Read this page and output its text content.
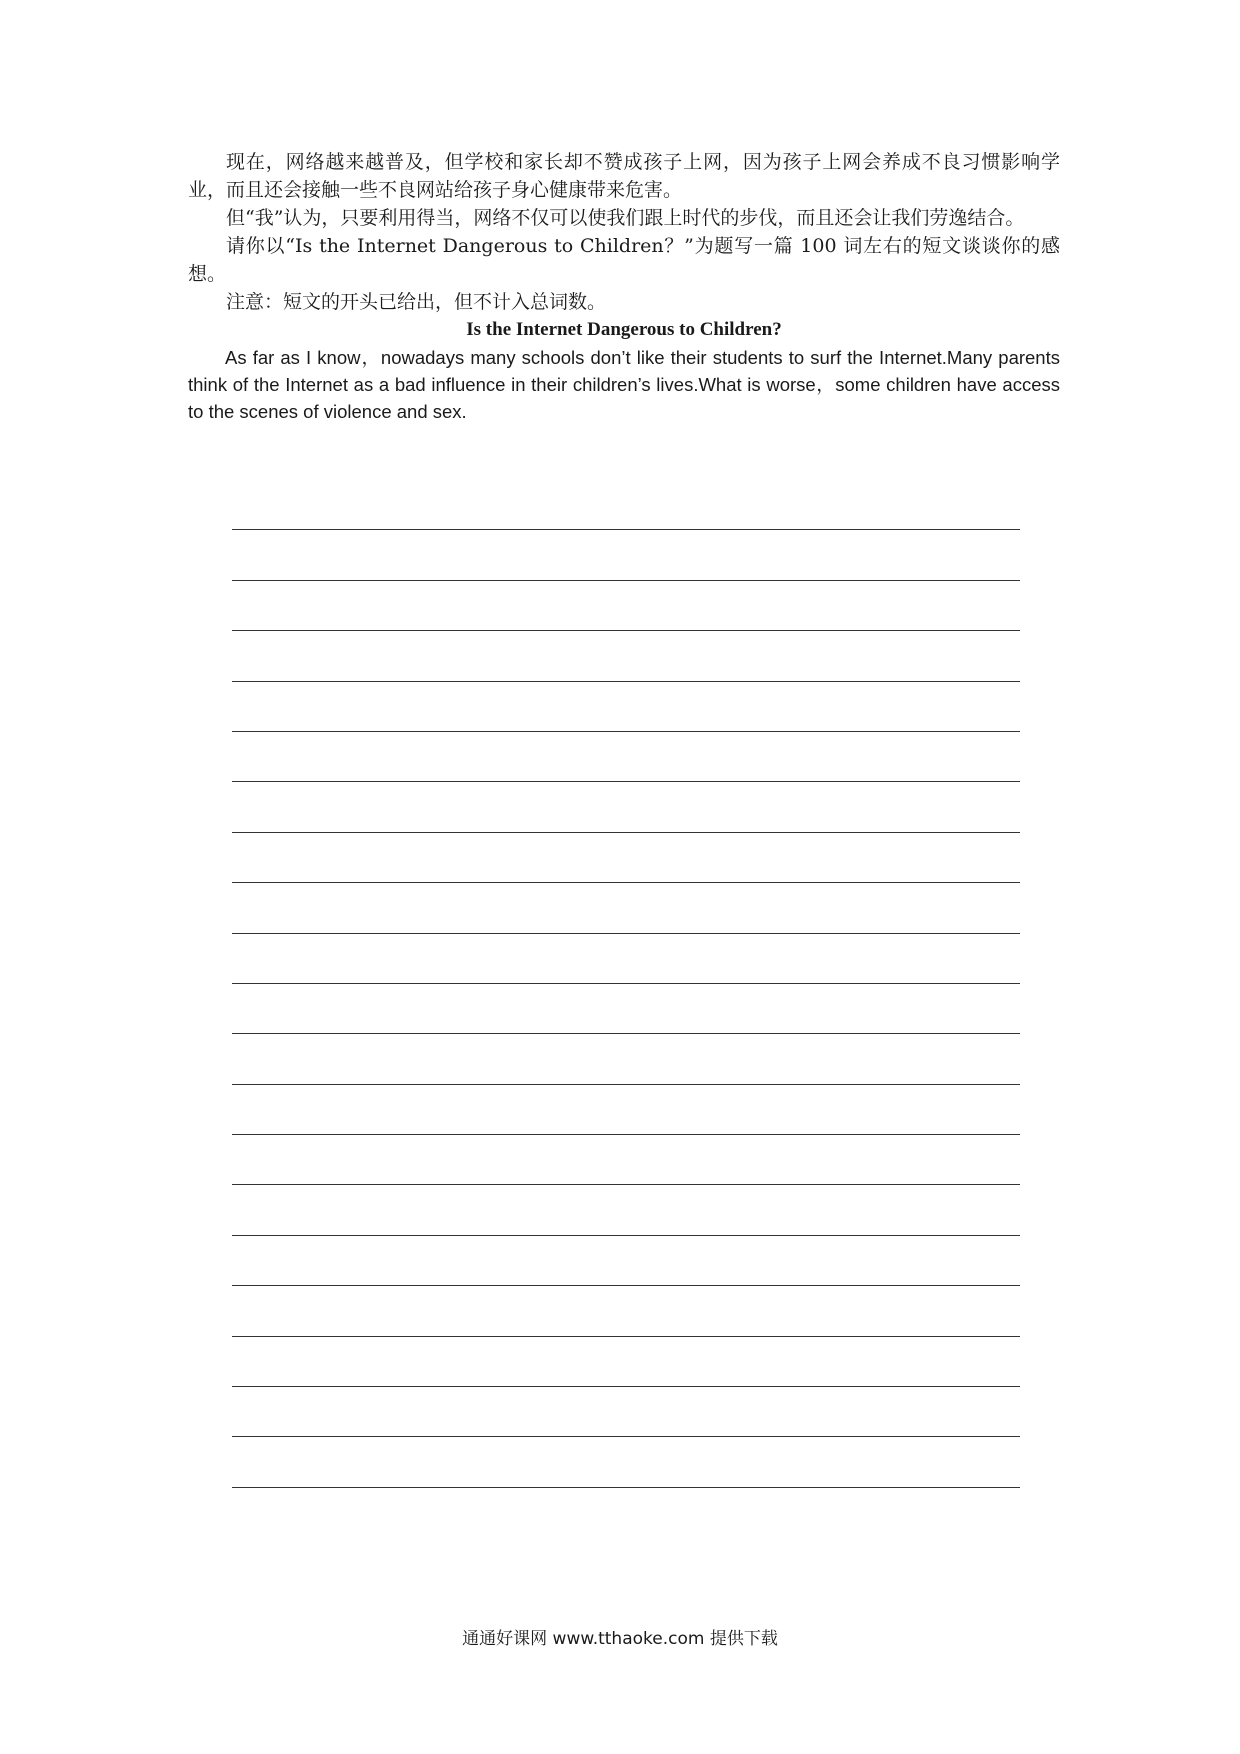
现在，网络越来越普及，但学校和家长却不赞成孩子上网，因为孩子上网会养成不良习惯影响学业，而且还会接触一些不良网站给孩子身心健康带来危害。

但“我”认为，只要利用得当，网络不仅可以使我们跟上时代的步伐，而且还会让我们劳逸结合。

请你以“Is the Internet Dangerous to Children？”为题写一篇 100 词左右的短文谈谈你的感想。

注意：短文的开头已给出，但不计入总词数。

Is the Internet Dangerous to Children?

As far as I know，nowadays many schools don’t like their students to surf the Internet.Many parents think of the Internet as a bad influence in their children’s lives.What is worse，some children have access to the scenes of violence and sex.

通通好课网 www.tthaoke.com 提供下载
